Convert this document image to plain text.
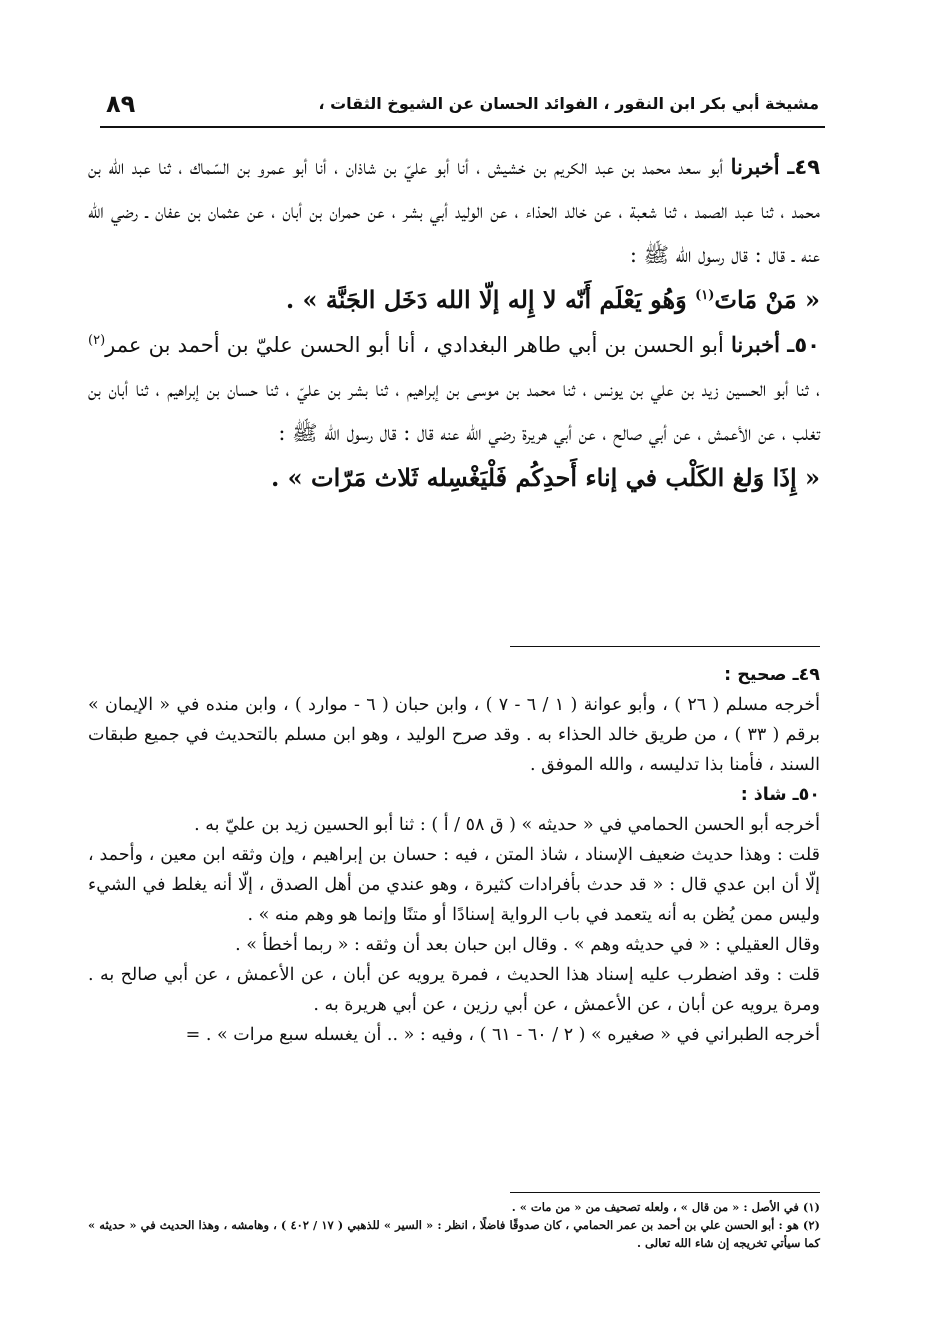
مشيخة أبي بكر ابن النقور ، الفوائد الحسان عن الشيوخ الثقات ،
٨٩

٤٩ـ أخبرنا أبو سعد محمد بن عبد الكريم بن خشيش ، أنا أبو عليّ بن شاذان ، أنا أبو عمرو بن السّماك ، ثنا عبد الله بن محمد ، ثنا عبد الصمد ، ثنا شعبة ، عن خالد الحذاء ، عن الوليد أبي بشر ، عن حمران بن أبان ، عن عثمان بن عفان ـ رضي الله عنه ـ قال : قال رسول الله ﷺ :

« مَنْ مَاتَ$^{(١)}$ وَهُو يَعْلَم أَنّه لا إِله إلّا الله دَخَل الجَنَّة » .

٥٠ـ أخبرنا أبو الحسن بن أبي طاهر البغدادي ، أنا أبو الحسن عليّ بن أحمد بن عمر$^{(٢)}$ ، ثنا أبو الحسين زيد بن علي بن يونس ، ثنا محمد بن موسى بن إبراهيم ، ثنا بشر بن عليّ ، ثنا حسان بن إبراهيم ، ثنا أبان بن تغلب ، عن الأعمش ، عن أبي صالح ، عن أبي هريرة رضي الله عنه قال : قال رسول الله ﷺ :

« إِذَا وَلغ الكَلْب في إناء أَحدِكُم فَلْيَغْسِله ثَلاث مَرّات » .

٤٩ـ صحيح :

أخرجه مسلم ( ٢٦ ) ، وأبو عوانة ( ١ / ٦ - ٧ ) ، وابن حبان ( ٦ - موارد ) ، وابن منده في « الإيمان » برقم ( ٣٣ ) ، من طريق خالد الحذاء به . وقد صرح الوليد ، وهو ابن مسلم بالتحديث في جميع طبقات السند ، فأمنا بذا تدليسه ، والله الموفق .

٥٠ـ شاذ :

أخرجه أبو الحسن الحمامي في « حديثه » ( ق ٥٨ / أ ) : ثنا أبو الحسين زيد بن عليّ به .

قلت : وهذا حديث ضعيف الإسناد ، شاذ المتن ، فيه : حسان بن إبراهيم ، وإن وثقه ابن معين ، وأحمد ، إلّا أن ابن عدي قال : « قد حدث بأفرادات كثيرة ، وهو عندي من أهل الصدق ، إلّا أنه يغلط في الشيء وليس ممن يُظن به أنه يتعمد في باب الرواية إسنادًا أو متنًا وإنما هو وهم منه » .

وقال العقيلي : « في حديثه وهم » . وقال ابن حبان بعد أن وثقه : « ربما أخطأ » .

قلت : وقد اضطرب عليه إسناد هذا الحديث ، فمرة يرويه عن أبان ، عن الأعمش ، عن أبي صالح به . ومرة يرويه عن أبان ، عن الأعمش ، عن أبي رزين ، عن أبي هريرة به .

أخرجه الطبراني في « صغيره » ( ٢ / ٦٠ - ٦١ ) ، وفيه : « .. أن يغسله سبع مرات » . =

(١) في الأصل : « من قال » ، ولعله تصحيف من « من مات » .

(٢) هو : أبو الحسن علي بن أحمد بن عمر الحمامي ، كان صدوقًا فاضلًا ، انظر : « السير » للذهبي ( ١٧ / ٤٠٢ ) ، وهامشه ، وهذا الحديث في « حديثه » كما سيأتي تخريجه إن شاء الله تعالى .
